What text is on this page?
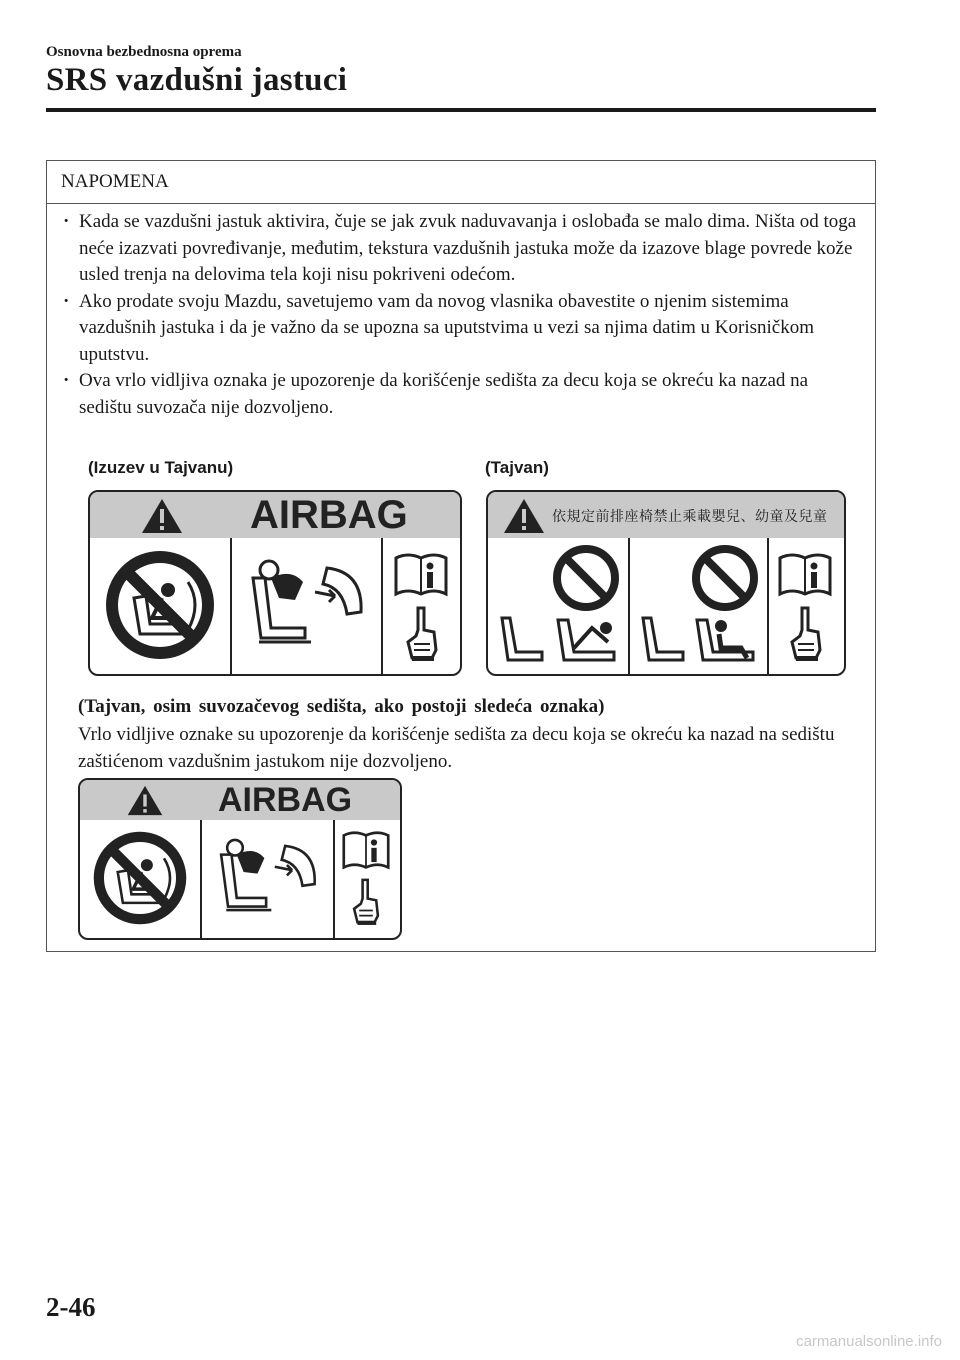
Osnovna bezbednosna oprema
SRS vazdušni jastuci
NAPOMENA
· Kada se vazdušni jastuk aktivira, čuje se jak zvuk naduvavanja i oslobađa se malo dima. Ništa od toga neće izazvati povređivanje, međutim, tekstura vazdušnih jastuka može da izazove blage povrede kože usled trenja na delovima tela koji nisu pokriveni odećom.
· Ako prodate svoju Mazdu, savetujemo vam da novog vlasnika obavestite o njenim sistemima vazdušnih jastuka i da je važno da se upozna sa uputstvima u vezi sa njima datim u Korisničkom uputstvu.
· Ova vrlo vidljiva oznaka je upozorenje da korišćenje sedišta za decu koja se okreću ka nazad na sedištu suvozača nije dozvoljeno.
(Izuzev u Tajvanu)	(Tajvan)
AIRBAG	依規定前排座椅禁止乘載嬰兒、幼童及兒童
(Tajvan, osim suvozačevog sedišta, ako postoji sledeća oznaka)
Vrlo vidljive oznake su upozorenje da korišćenje sedišta za decu koja se okreću ka nazad na sedištu zaštićenom vazdušnim jastukom nije dozvoljeno.
AIRBAG
2-46
carmanualsonline.info
